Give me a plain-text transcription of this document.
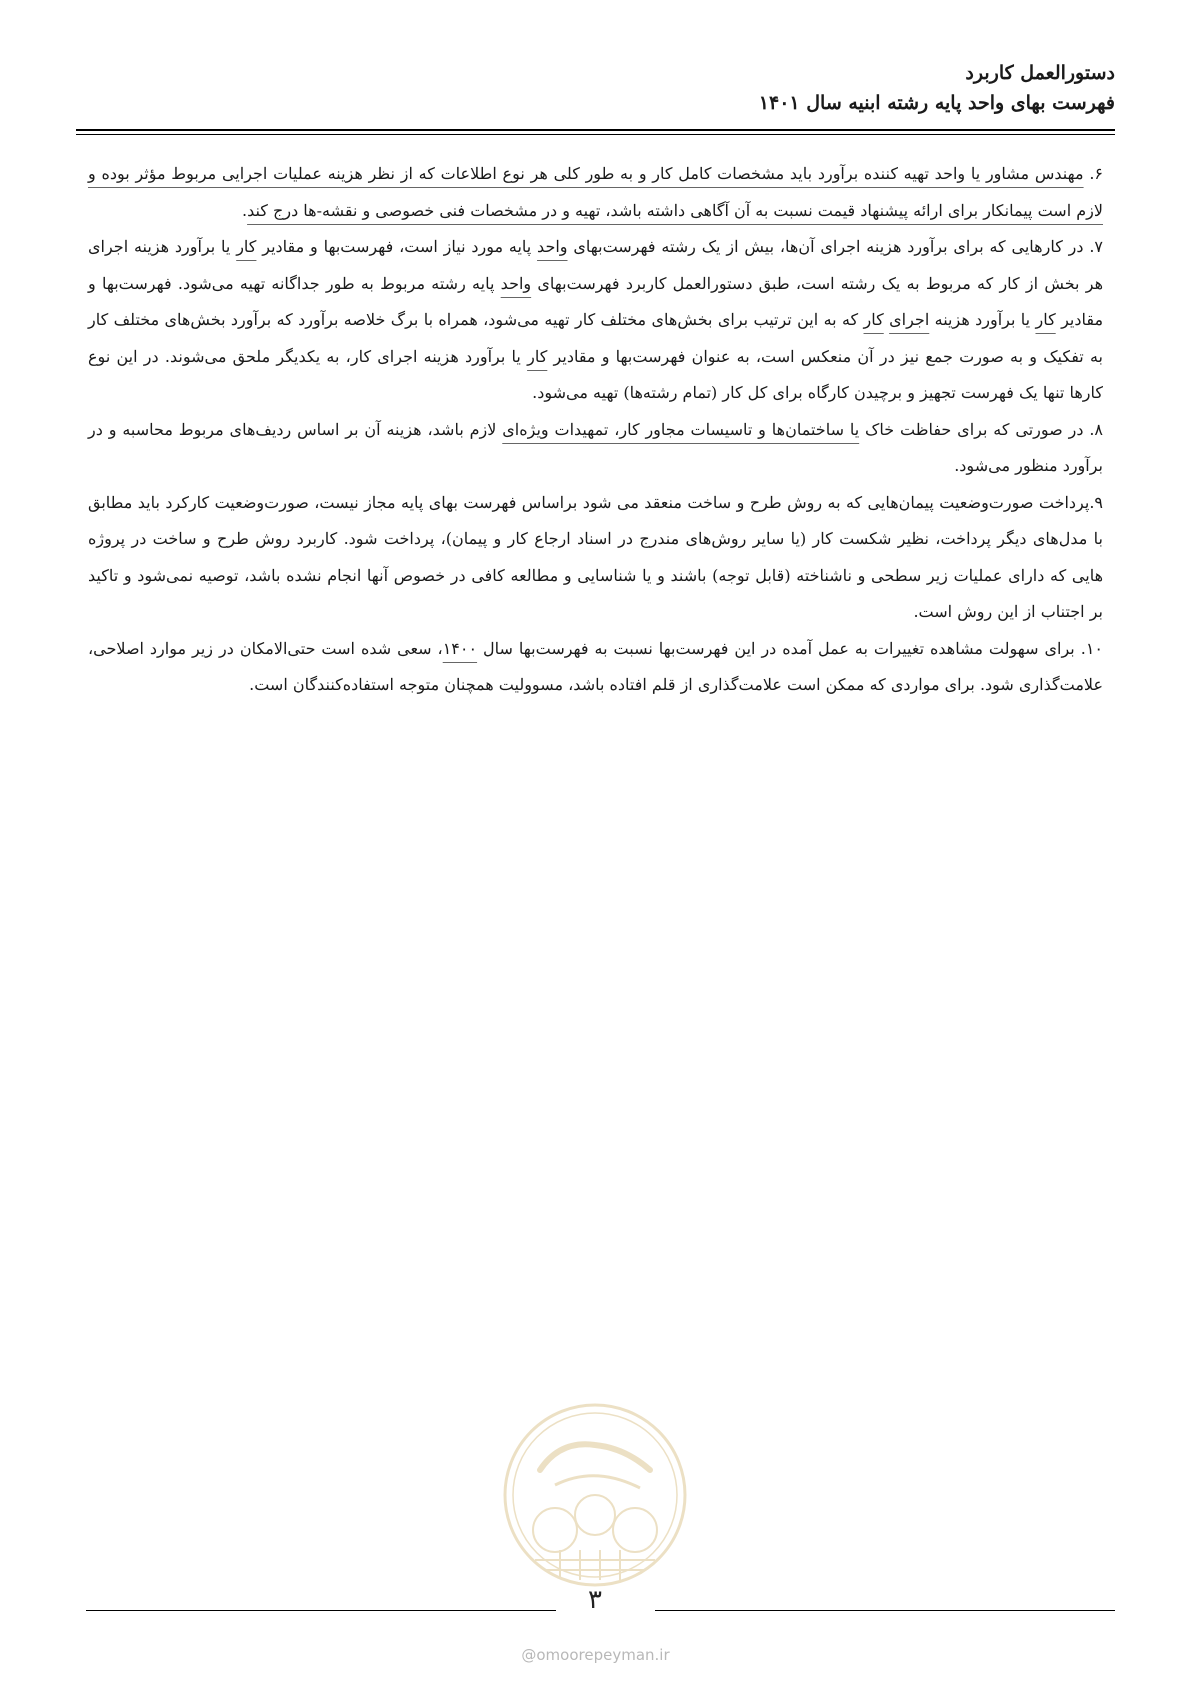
دستورالعمل کاربرد
فهرست بهای واحد پایه رشته ابنیه سال ۱۴۰۱

۶. مهندس مشاور یا واحد تهیه کننده برآورد باید مشخصات کامل کار و به طور کلی هر نوع اطلاعات که از نظر هزینه عملیات اجرایی مربوط مؤثر بوده و لازم است پیمانکار برای ارائه پیشنهاد قیمت نسبت به آن آگاهی داشته باشد، تهیه و در مشخصات فنی خصوصی و نقشه-ها درج کند.

۷. در کارهایی که برای برآورد هزینه اجرای آن‌ها، بیش از یک رشته فهرست‌بهای واحد پایه مورد نیاز است، فهرست‌بها و مقادیر کار یا برآورد هزینه اجرای هر بخش از کار که مربوط به یک رشته است، طبق دستورالعمل کاربرد فهرست‌بهای واحد پایه رشته مربوط به طور جداگانه تهیه می‌شود. فهرست‌بها و مقادیر کار یا برآورد هزینه اجرای کار که به این ترتیب برای بخش‌های مختلف کار تهیه می‌شود، همراه با برگ خلاصه برآورد که برآورد بخش‌های مختلف کار به تفکیک و به صورت جمع نیز در آن منعکس است، به عنوان فهرست‌بها و مقادیر کار یا برآورد هزینه اجرای کار، به یکدیگر ملحق می‌شوند. در این نوع کارها تنها یک فهرست تجهیز و برچیدن کارگاه برای کل کار (تمام رشته‌ها) تهیه می‌شود.

۸. در صورتی که برای حفاظت خاک یا ساختمان‌ها و تاسیسات مجاور کار، تمهیدات ویژه‌ای لازم باشد، هزینه آن بر اساس ردیف‌های مربوط محاسبه و در برآورد منظور می‌شود.

۹.پرداخت صورت‌وضعیت پیمان‌هایی که به روش طرح و ساخت منعقد می شود براساس فهرست بهای پایه مجاز نیست، صورت‌وضعیت کارکرد باید مطابق با مدل‌های دیگر پرداخت، نظیر شکست کار (یا سایر روش‌های مندرج در اسناد ارجاع کار و پیمان)، پرداخت شود. کاربرد روش طرح و ساخت در پروژه هایی که دارای عملیات زیر سطحی و ناشناخته (قابل توجه) باشند و یا شناسایی و مطالعه کافی در خصوص آنها انجام نشده باشد، توصیه نمی‌شود و تاکید بر اجتناب از این روش است.

۱۰. برای سهولت مشاهده تغییرات به عمل آمده در این فهرست‌بها نسبت به فهرست‌بها سال ۱۴۰۰، سعی شده است حتی‌الامکان در زیر موارد اصلاحی، علامت‌گذاری شود. برای مواردی که ممکن است علامت‌گذاری از قلم افتاده باشد، مسوولیت همچنان متوجه استفاده‌کنندگان است.

۳
@omoorepeyman.ir
